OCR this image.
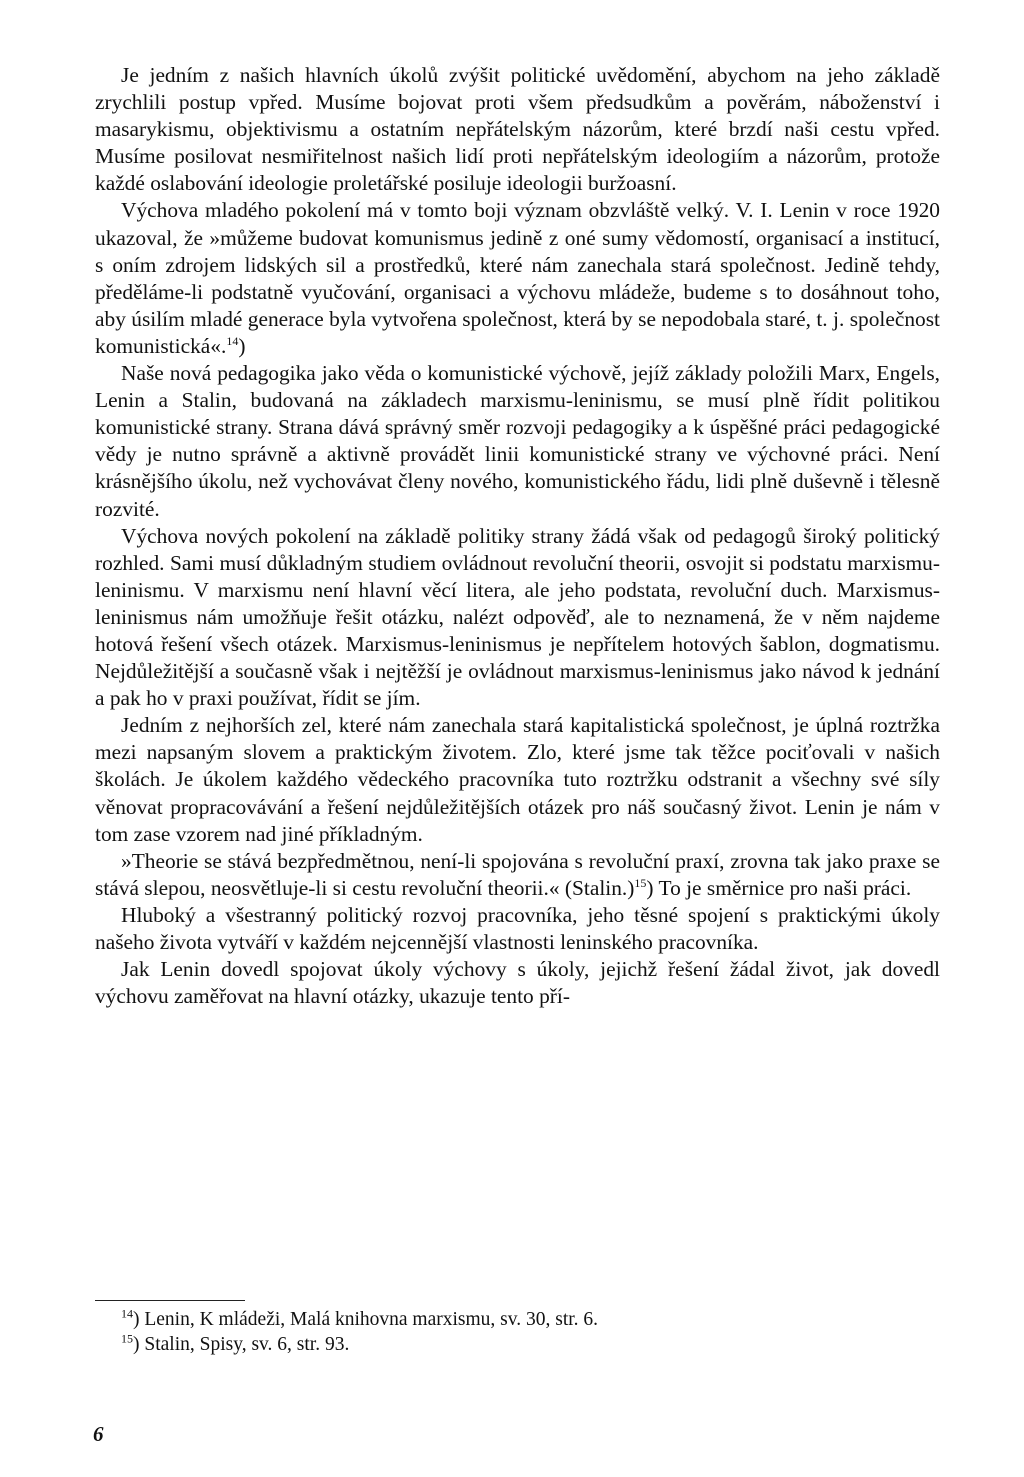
Je jedním z našich hlavních úkolů zvýšit politické uvědomění, abychom na jeho základě zrychlili postup vpřed. Musíme bojovat proti všem předsudkům a pověrám, náboženství i masarykismu, objektivismu a ostatním nepřátelským názorům, které brzdí naši cestu vpřed. Musíme posilovat nesmiřitelnost našich lidí proti nepřátelským ideologiím a názorům, protože každé oslabování ideologie proletářské posiluje ideologii buržoasní.

Výchova mladého pokolení má v tomto boji význam obzvláště velký. V. I. Lenin v roce 1920 ukazoval, že »můžeme budovat komunismus jedině z oné sumy vědomostí, organisací a institucí, s oním zdrojem lidských sil a prostředků, které nám zanechala stará společnost. Jedině tehdy, předěláme-li podstatně vyučování, organisaci a výchovu mládeže, budeme s to dosáhnout toho, aby úsilím mladé generace byla vytvořena společnost, která by se nepodobala staré, t. j. společnost komunistická«.$^{14}$)

Naše nová pedagogika jako věda o komunistické výchově, jejíž základy položili Marx, Engels, Lenin a Stalin, budovaná na základech marxismu-leninismu, se musí plně řídit politikou komunistické strany. Strana dává správný směr rozvoji pedagogiky a k úspěšné práci pedagogické vědy je nutno správně a aktivně provádět linii komunistické strany ve výchovné práci. Není krásnějšího úkolu, než vychovávat členy nového, komunistického řádu, lidi plně duševně i tělesně rozvité.

Výchova nových pokolení na základě politiky strany žádá však od pedagogů široký politický rozhled. Sami musí důkladným studiem ovládnout revoluční theorii, osvojit si podstatu marxismu-leninismu. V marxismu není hlavní věcí litera, ale jeho podstata, revoluční duch. Marxismus-leninismus nám umožňuje řešit otázku, nalézt odpověď, ale to neznamená, že v něm najdeme hotová řešení všech otázek. Marxismus-leninismus je nepřítelem hotových šablon, dogmatismu. Nejdůležitější a současně však i nejtěžší je ovládnout marxismus-leninismus jako návod k jednání a pak ho v praxi používat, řídit se jím.

Jedním z nejhorších zel, které nám zanechala stará kapitalistická společnost, je úplná roztržka mezi napsaným slovem a praktickým životem. Zlo, které jsme tak těžce pociťovali v našich školách. Je úkolem každého vědeckého pracovníka tuto roztržku odstranit a všechny své síly věnovat propracovávání a řešení nejdůležitějších otázek pro náš současný život. Lenin je nám v tom zase vzorem nad jiné příkladným.

»Theorie se stává bezpředmětnou, není-li spojována s revoluční praxí, zrovna tak jako praxe se stává slepou, neosvětluje-li si cestu revoluční theorii.« (Stalin.)$^{15}$) To je směrnice pro naši práci.

Hluboký a všestranný politický rozvoj pracovníka, jeho těsné spojení s praktickými úkoly našeho života vytváří v každém nejcennější vlastnosti leninského pracovníka.

Jak Lenin dovedl spojovat úkoly výchovy s úkoly, jejichž řešení žádal život, jak dovedl výchovu zaměřovat na hlavní otázky, ukazuje tento pří-

$^{14}$) Lenin, K mládeži, Malá knihovna marxismu, sv. 30, str. 6.

$^{15}$) Stalin, Spisy, sv. 6, str. 93.

6
